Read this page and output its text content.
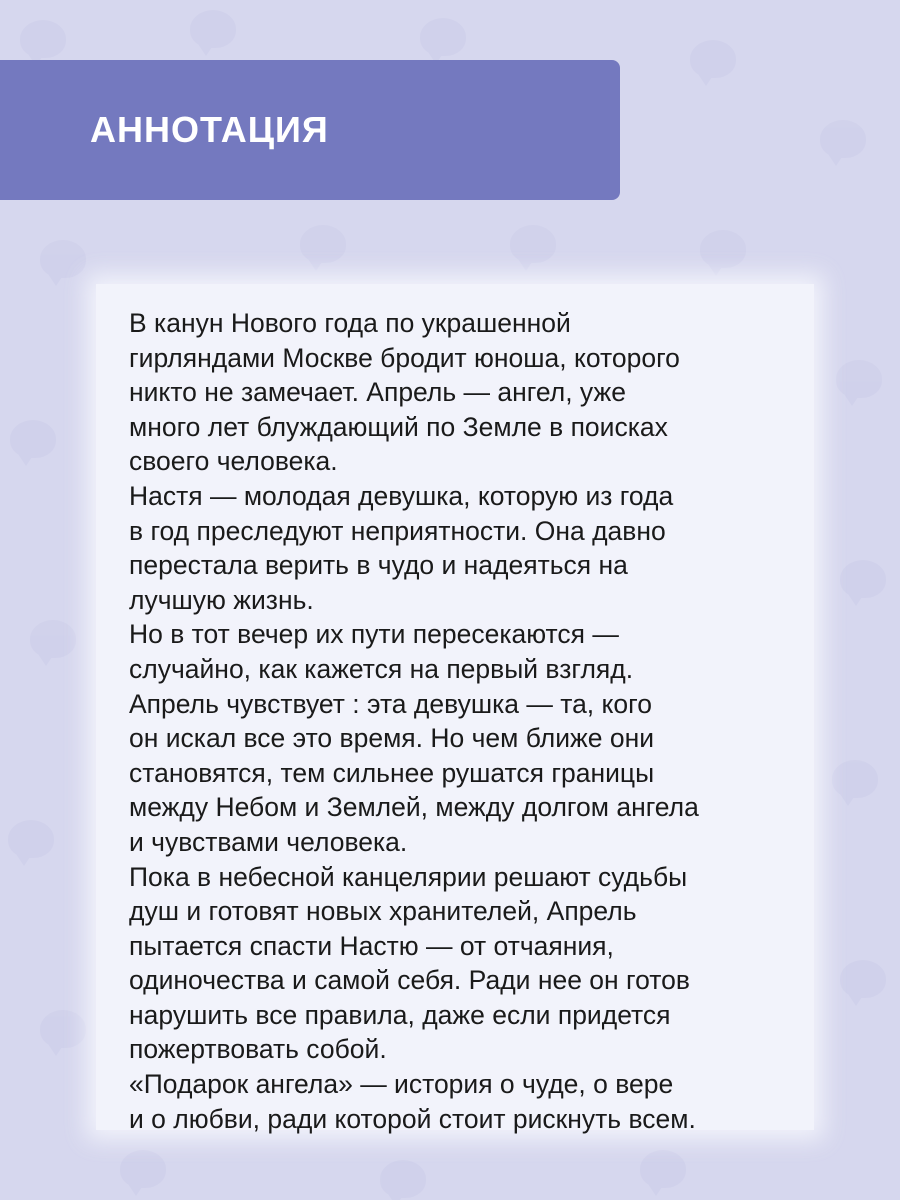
АННОТАЦИЯ

В канун Нового года по украшенной
гирляндами Москве бродит юноша, которого
никто не замечает. Апрель — ангел, уже
много лет блуждающий по Земле в поисках
своего человека.

Настя — молодая девушка, которую из года
в год преследуют неприятности. Она давно
перестала верить в чудо и надеяться на
лучшую жизнь.

Но в тот вечер их пути пересекаются —
случайно, как кажется на первый взгляд.
Апрель чувствует : эта девушка — та, кого
он искал все это время. Но чем ближе они
становятся, тем сильнее рушатся границы
между Небом и Землей, между долгом ангела
и чувствами человека.

Пока в небесной канцелярии решают судьбы
душ и готовят новых хранителей, Апрель
пытается спасти Настю — от отчаяния,
одиночества и самой себя. Ради нее он готов
нарушить все правила, даже если придется
пожертвовать собой.

«Подарок ангела» — история о чуде, о вере
и о любви, ради которой стоит рискнуть всем.
